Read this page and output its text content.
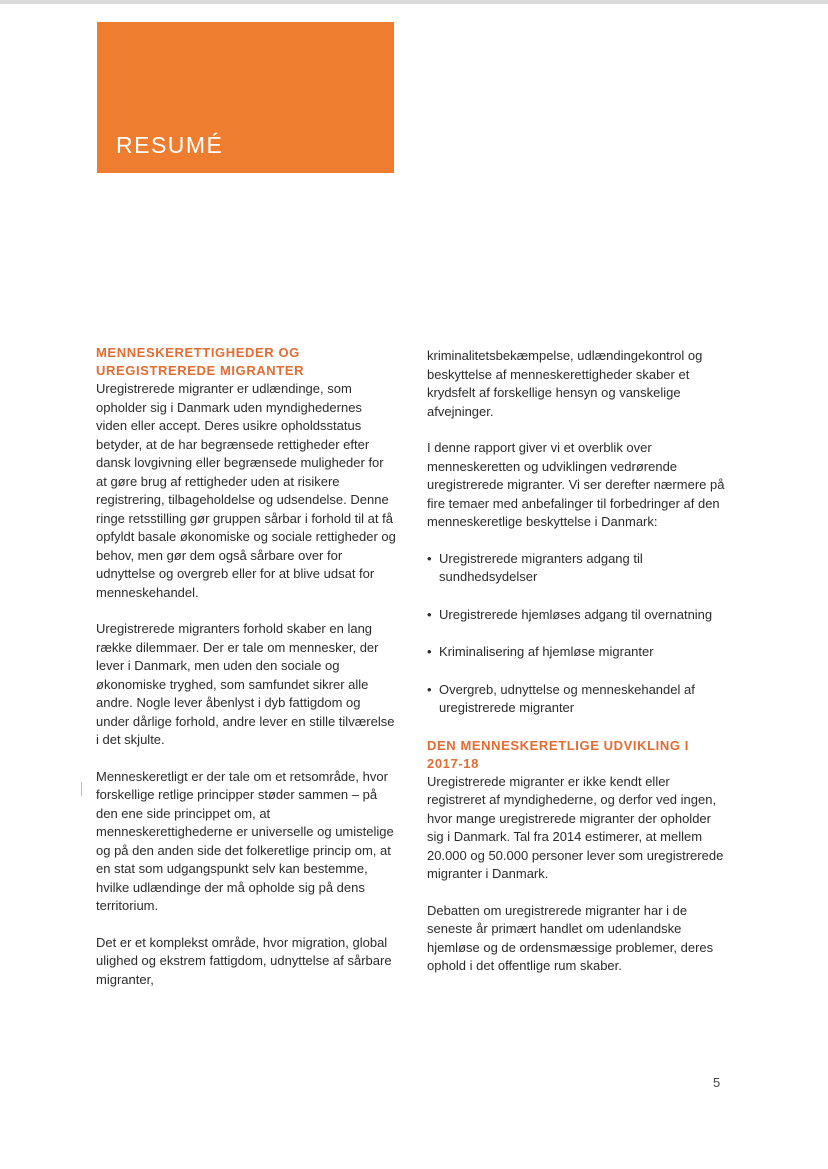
RESUMÉ
MENNESKERETTIGHEDER OG UREGISTREREDE MIGRANTER

Uregistrerede migranter er udlændinge, som opholder sig i Danmark uden myndighedernes viden eller accept. Deres usikre opholdsstatus betyder, at de har begrænsede rettigheder efter dansk lovgivning eller begrænsede muligheder for at gøre brug af rettigheder uden at risikere registrering, tilbageholdelse og udsendelse. Denne ringe retsstilling gør gruppen sårbar i forhold til at få opfyldt basale økonomiske og sociale rettigheder og behov, men gør dem også sårbare over for udnyttelse og overgreb eller for at blive udsat for menneskehandel.

Uregistrerede migranters forhold skaber en lang række dilemmaer. Der er tale om mennesker, der lever i Danmark, men uden den sociale og økonomiske tryghed, som samfundet sikrer alle andre. Nogle lever åbenlyst i dyb fattigdom og under dårlige forhold, andre lever en stille tilværelse i det skjulte.

Menneskeretligt er der tale om et retsområde, hvor forskellige retlige principper støder sammen – på den ene side princippet om, at menneskerettighederne er universelle og umistelige og på den anden side det folkeretlige princip om, at en stat som udgangspunkt selv kan bestemme, hvilke udlændinge der må opholde sig på dens territorium.

Det er et komplekst område, hvor migration, global ulighed og ekstrem fattigdom, udnyttelse af sårbare migranter,

kriminalitetsbekæmpelse, udlændingekontrol og beskyttelse af menneskerettigheder skaber et krydsfelt af forskellige hensyn og vanskelige afvejninger.

I denne rapport giver vi et overblik over menneskeretten og udviklingen vedrørende uregistrerede migranter. Vi ser derefter nærmere på fire temaer med anbefalinger til forbedringer af den menneskeretlige beskyttelse i Danmark:

• Uregistrerede migranters adgang til sundhedsydelser
• Uregistrerede hjemløses adgang til overnatning
• Kriminalisering af hjemløse migranter
• Overgreb, udnyttelse og menneskehandel af uregistrerede migranter
DEN MENNESKERETLIGE UDVIKLING I 2017-18

Uregistrerede migranter er ikke kendt eller registreret af myndighederne, og derfor ved ingen, hvor mange uregistrerede migranter der opholder sig i Danmark. Tal fra 2014 estimerer, at mellem 20.000 og 50.000 personer lever som uregistrerede migranter i Danmark.

Debatten om uregistrerede migranter har i de seneste år primært handlet om udenlandske hjemløse og de ordensmæssige problemer, deres ophold i det offentlige rum skaber.

5
